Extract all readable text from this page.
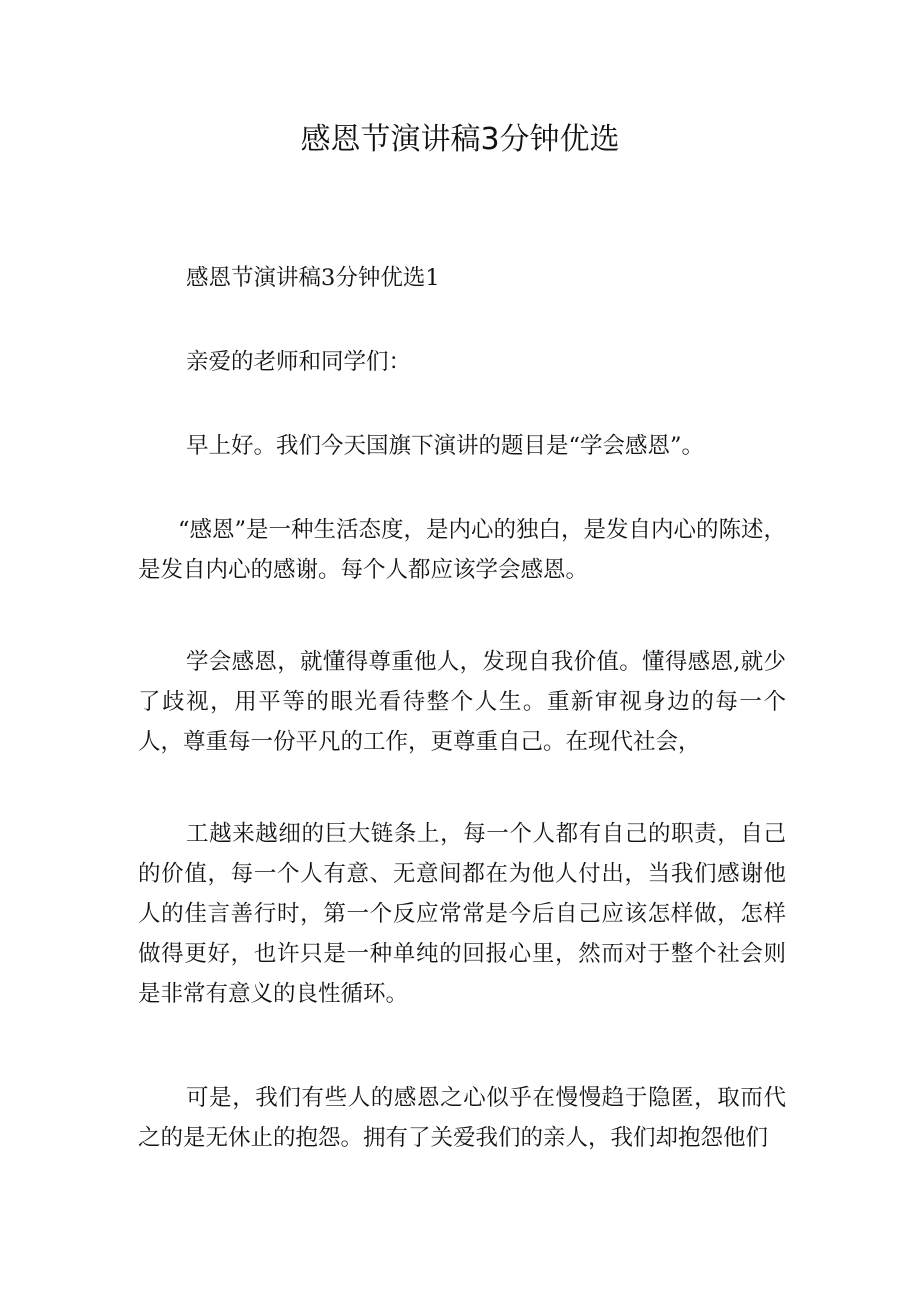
感恩节演讲稿3分钟优选

感恩节演讲稿3分钟优选1

亲爱的老师和同学们：

早上好。我们今天国旗下演讲的题目是“学会感恩”。

“感恩”是一种生活态度，是内心的独白，是发自内心的陈述，是发自内心的感谢。每个人都应该学会感恩。

学会感恩，就懂得尊重他人，发现自我价值。懂得感恩,就少了歧视，用平等的眼光看待整个人生。重新审视身边的每一个人，尊重每一份平凡的工作，更尊重自己。在现代社会，

工越来越细的巨大链条上，每一个人都有自己的职责，自己的价值，每一个人有意、无意间都在为他人付出，当我们感谢他人的佳言善行时，第一个反应常常是今后自己应该怎样做，怎样做得更好，也许只是一种单纯的回报心里，然而对于整个社会则是非常有意义的良性循环。

可是，我们有些人的感恩之心似乎在慢慢趋于隐匿，取而代之的是无休止的抱怨。拥有了关爱我们的亲人，我们却抱怨他们
